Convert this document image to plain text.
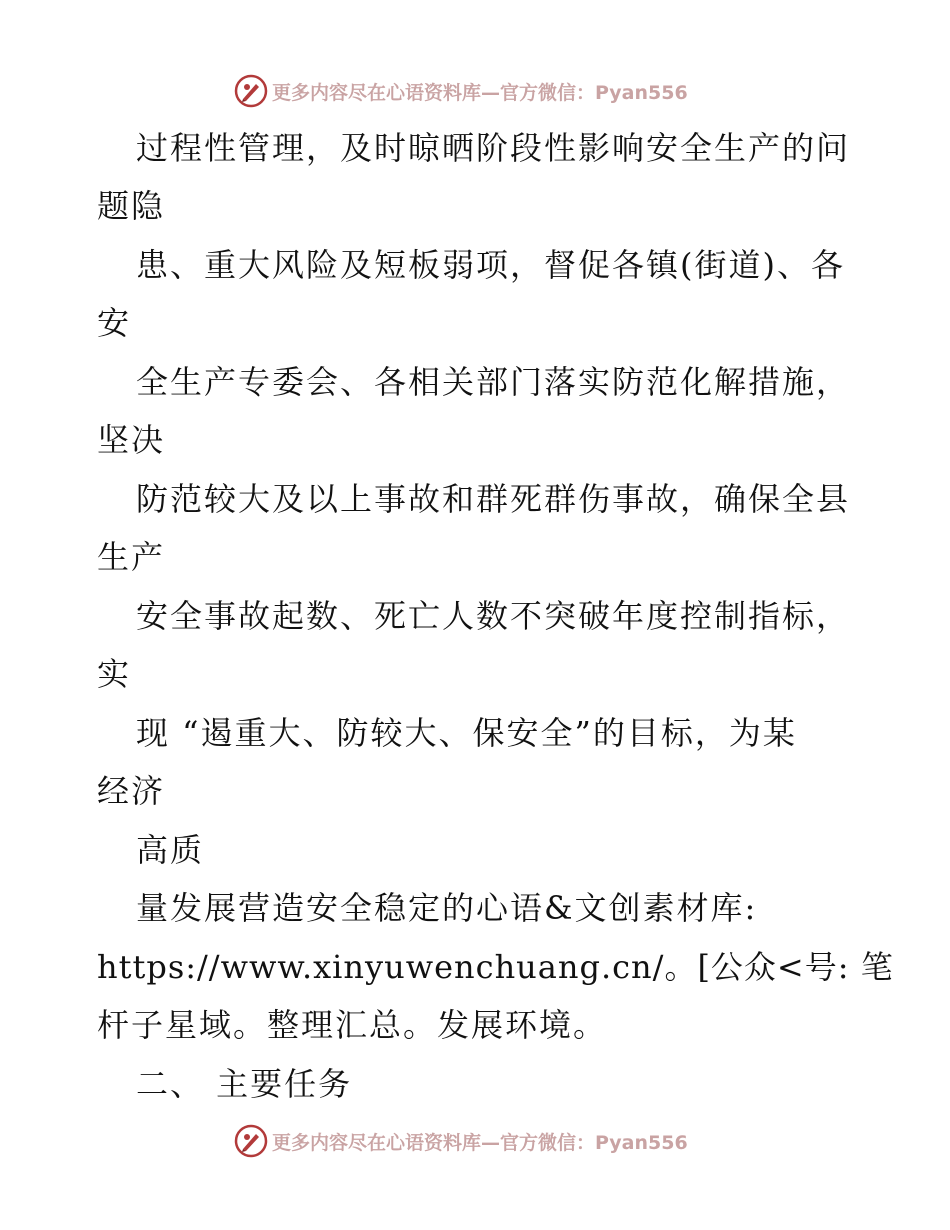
更多内容尽在心语资料库—官方微信：Pyan556
过程性管理，及时晾晒阶段性影响安全生产的问
题隐
患、重大风险及短板弱项，督促各镇(街道)、各
安
全生产专委会、各相关部门落实防范化解措施，
坚决
防范较大及以上事故和群死群伤事故，确保全县
生产
安全事故起数、死亡人数不突破年度控制指标，
实
现 “遏重大、防较大、保安全”的目标，为某
经济
高质
量发展营造安全稳定的心语&文创素材库:
https://www.xinyuwenchuang.cn/。[公众<号: 笔
杆子星域。整理汇总。发展环境。
二、 主要任务
更多内容尽在心语资料库—官方微信：Pyan556
